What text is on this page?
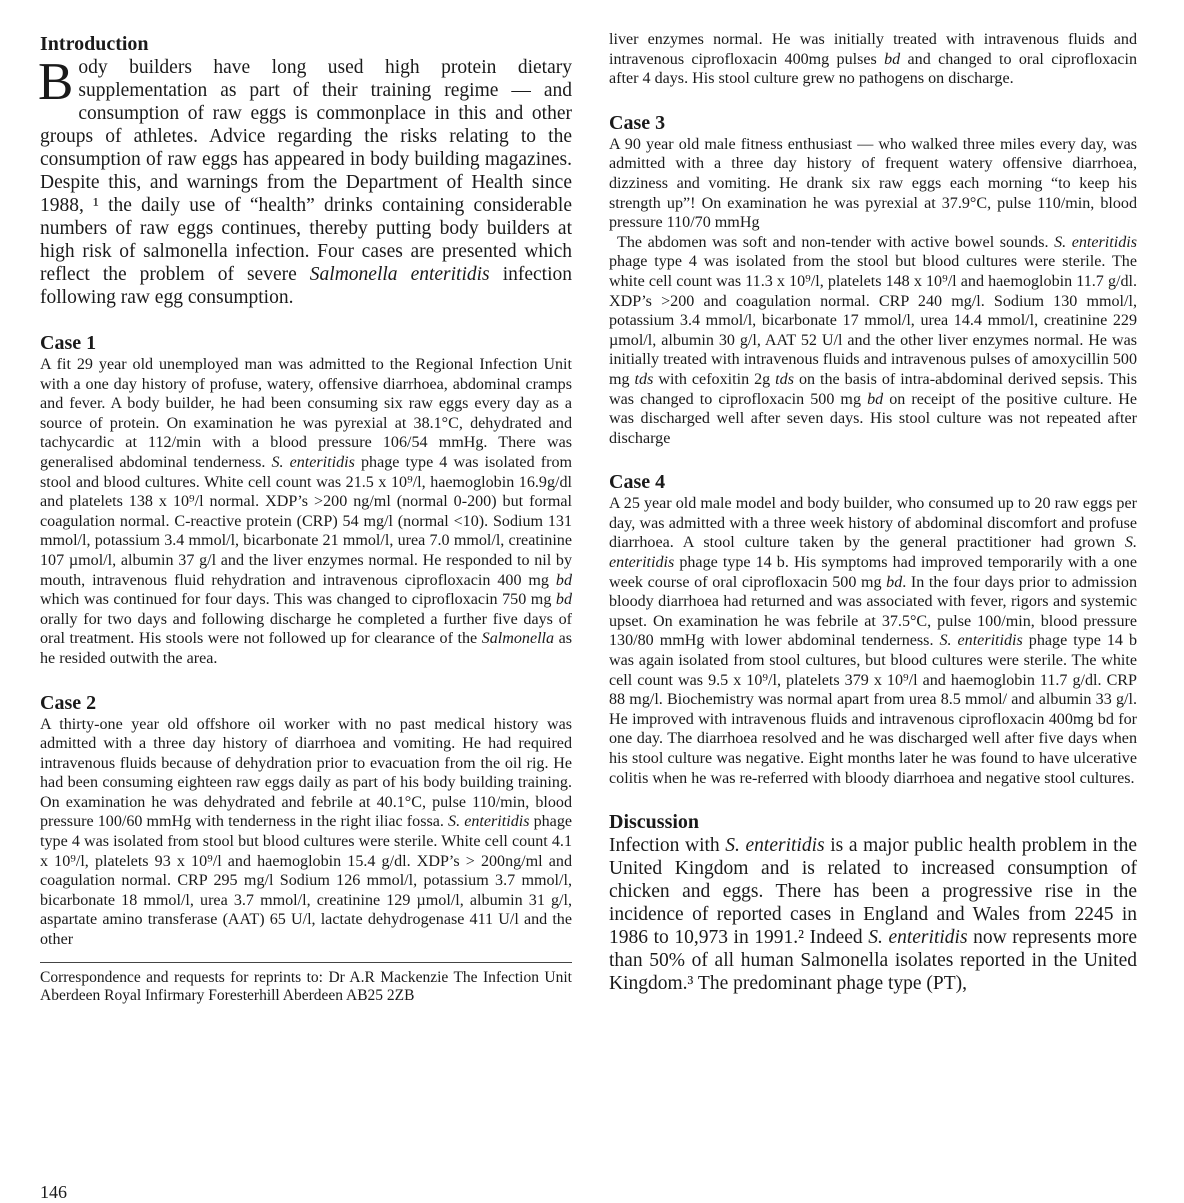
Introduction

Body builders have long used high protein dietary supplementation as part of their training regime — and consumption of raw eggs is commonplace in this and other groups of athletes. Advice regarding the risks relating to the consumption of raw eggs has appeared in body building magazines. Despite this, and warnings from the Department of Health since 1988, ¹ the daily use of “health” drinks containing considerable numbers of raw eggs continues, thereby putting body builders at high risk of salmonella infection. Four cases are presented which reflect the problem of severe Salmonella enteritidis infection following raw egg consumption.

Case 1

A fit 29 year old unemployed man was admitted to the Regional Infection Unit with a one day history of profuse, watery, offensive diarrhoea, abdominal cramps and fever. A body builder, he had been consuming six raw eggs every day as a source of protein. On examination he was pyrexial at 38.1°C, dehydrated and tachycardic at 112/min with a blood pressure 106/54 mmHg. There was generalised abdominal tenderness. S. enteritidis phage type 4 was isolated from stool and blood cultures. White cell count was 21.5 x 10⁹/l, haemoglobin 16.9g/dl and platelets 138 x 10⁹/l normal. XDP’s >200 ng/ml (normal 0-200) but formal coagulation normal. C-reactive protein (CRP) 54 mg/l (normal <10). Sodium 131 mmol/l, potassium 3.4 mmol/l, bicarbonate 21 mmol/l, urea 7.0 mmol/l, creatinine 107 µmol/l, albumin 37 g/l and the liver enzymes normal. He responded to nil by mouth, intravenous fluid rehydration and intravenous ciprofloxacin 400 mg bd which was continued for four days. This was changed to ciprofloxacin 750 mg bd orally for two days and following discharge he completed a further five days of oral treatment. His stools were not followed up for clearance of the Salmonella as he resided outwith the area.

Case 2

A thirty-one year old offshore oil worker with no past medical history was admitted with a three day history of diarrhoea and vomiting. He had required intravenous fluids because of dehydration prior to evacuation from the oil rig. He had been consuming eighteen raw eggs daily as part of his body building training. On examination he was dehydrated and febrile at 40.1°C, pulse 110/min, blood pressure 100/60 mmHg with tenderness in the right iliac fossa. S. enteritidis phage type 4 was isolated from stool but blood cultures were sterile. White cell count 4.1 x 10⁹/l, platelets 93 x 10⁹/l and haemoglobin 15.4 g/dl. XDP’s > 200ng/ml and coagulation normal. CRP 295 mg/l Sodium 126 mmol/l, potassium 3.7 mmol/l, bicarbonate 18 mmol/l, urea 3.7 mmol/l, creatinine 129 µmol/l, albumin 31 g/l, aspartate amino transferase (AAT) 65 U/l, lactate dehydrogenase 411 U/l and the other

Correspondence and requests for reprints to: Dr A.R Mackenzie The Infection Unit Aberdeen Royal Infirmary Foresterhill Aberdeen AB25 2ZB

liver enzymes normal. He was initially treated with intravenous fluids and intravenous ciprofloxacin 400mg pulses bd and changed to oral ciprofloxacin after 4 days. His stool culture grew no pathogens on discharge.

Case 3

A 90 year old male fitness enthusiast — who walked three miles every day, was admitted with a three day history of frequent watery offensive diarrhoea, dizziness and vomiting. He drank six raw eggs each morning “to keep his strength up”! On examination he was pyrexial at 37.9°C, pulse 110/min, blood pressure 110/70 mmHg

The abdomen was soft and non-tender with active bowel sounds. S. enteritidis phage type 4 was isolated from the stool but blood cultures were sterile. The white cell count was 11.3 x 10⁹/l, platelets 148 x 10⁹/l and haemoglobin 11.7 g/dl. XDP’s >200 and coagulation normal. CRP 240 mg/l. Sodium 130 mmol/l, potassium 3.4 mmol/l, bicarbonate 17 mmol/l, urea 14.4 mmol/l, creatinine 229 µmol/l, albumin 30 g/l, AAT 52 U/l and the other liver enzymes normal. He was initially treated with intravenous fluids and intravenous pulses of amoxycillin 500 mg tds with cefoxitin 2g tds on the basis of intra-abdominal derived sepsis. This was changed to ciprofloxacin 500 mg bd on receipt of the positive culture. He was discharged well after seven days. His stool culture was not repeated after discharge

Case 4

A 25 year old male model and body builder, who consumed up to 20 raw eggs per day, was admitted with a three week history of abdominal discomfort and profuse diarrhoea. A stool culture taken by the general practitioner had grown S. enteritidis phage type 14 b. His symptoms had improved temporarily with a one week course of oral ciprofloxacin 500 mg bd. In the four days prior to admission bloody diarrhoea had returned and was associated with fever, rigors and systemic upset. On examination he was febrile at 37.5°C, pulse 100/min, blood pressure 130/80 mmHg with lower abdominal tenderness. S. enteritidis phage type 14 b was again isolated from stool cultures, but blood cultures were sterile. The white cell count was 9.5 x 10⁹/l, platelets 379 x 10⁹/l and haemoglobin 11.7 g/dl. CRP 88 mg/l. Biochemistry was normal apart from urea 8.5 mmol/ and albumin 33 g/l. He improved with intravenous fluids and intravenous ciprofloxacin 400mg bd for one day. The diarrhoea resolved and he was discharged well after five days when his stool culture was negative. Eight months later he was found to have ulcerative colitis when he was re-referred with bloody diarrhoea and negative stool cultures.

Discussion

Infection with S. enteritidis is a major public health problem in the United Kingdom and is related to increased consumption of chicken and eggs. There has been a progressive rise in the incidence of reported cases in England and Wales from 2245 in 1986 to 10,973 in 1991.² Indeed S. enteritidis now represents more than 50% of all human Salmonella isolates reported in the United Kingdom.³ The predominant phage type (PT),

146
